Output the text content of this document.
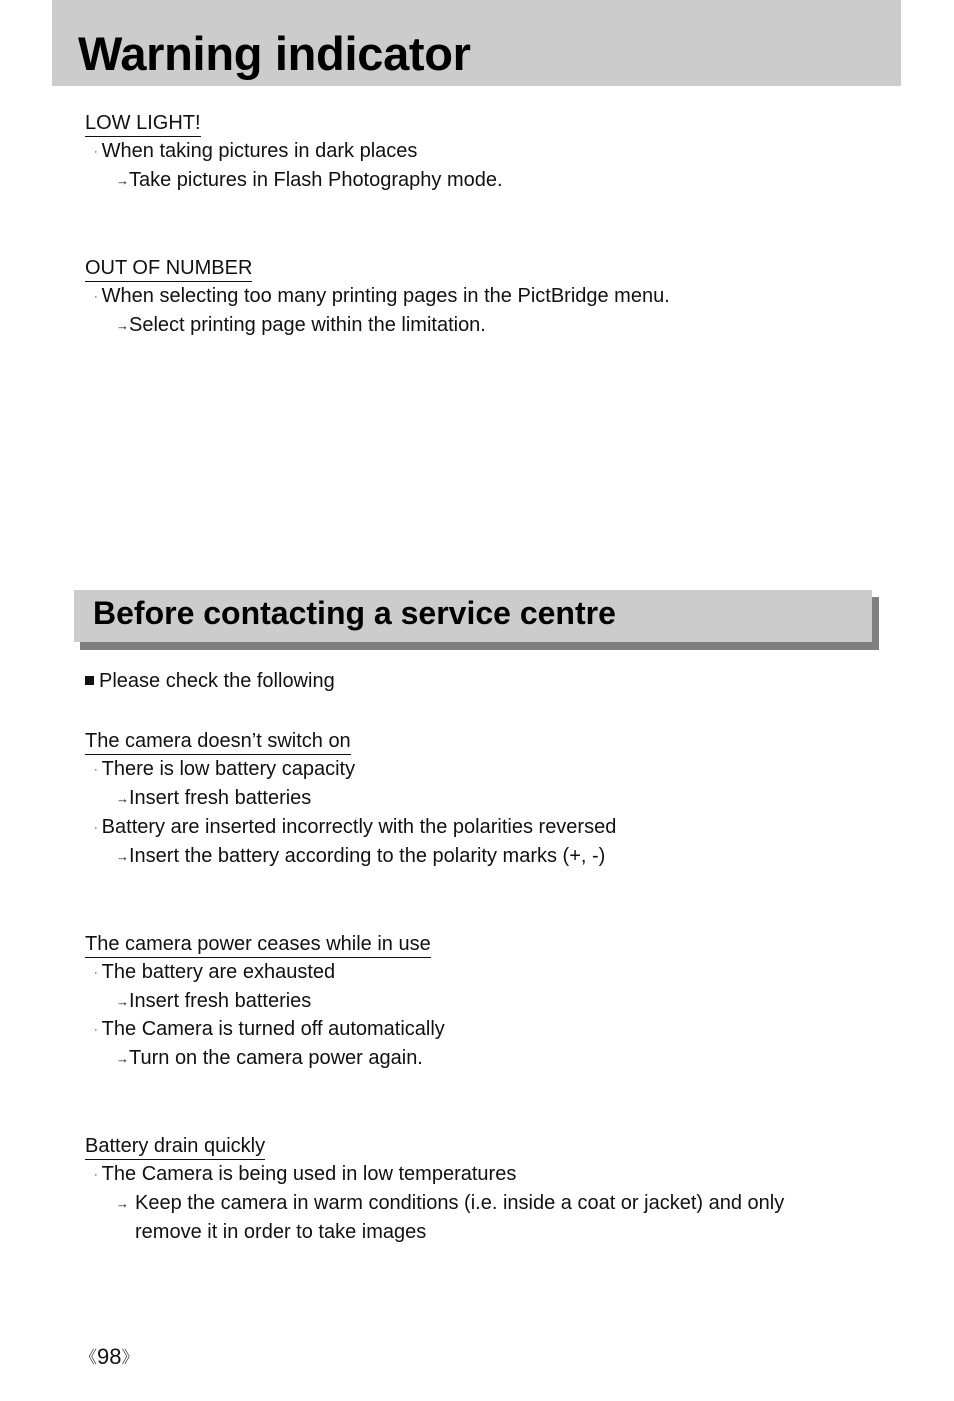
Warning indicator

LOW LIGHT!

· When taking pictures in dark places

→Take pictures in Flash Photography mode.

OUT OF NUMBER

· When selecting too many printing pages in the PictBridge menu.

→Select printing page within the limitation.

Before contacting a service centre

Please check the following

The camera doesn’t switch on

· There is low battery capacity

→Insert fresh batteries

· Battery are inserted incorrectly with the polarities reversed

→Insert the battery according to the polarity marks (+, -)

The camera power ceases while in use

· The battery are exhausted

→Insert fresh batteries

· The Camera is turned off automatically

→Turn on the camera power again.

Battery drain quickly

· The Camera is being used in low temperatures

→ Keep the camera in warm conditions (i.e. inside a coat or jacket) and only remove it in order to take images

《98》
